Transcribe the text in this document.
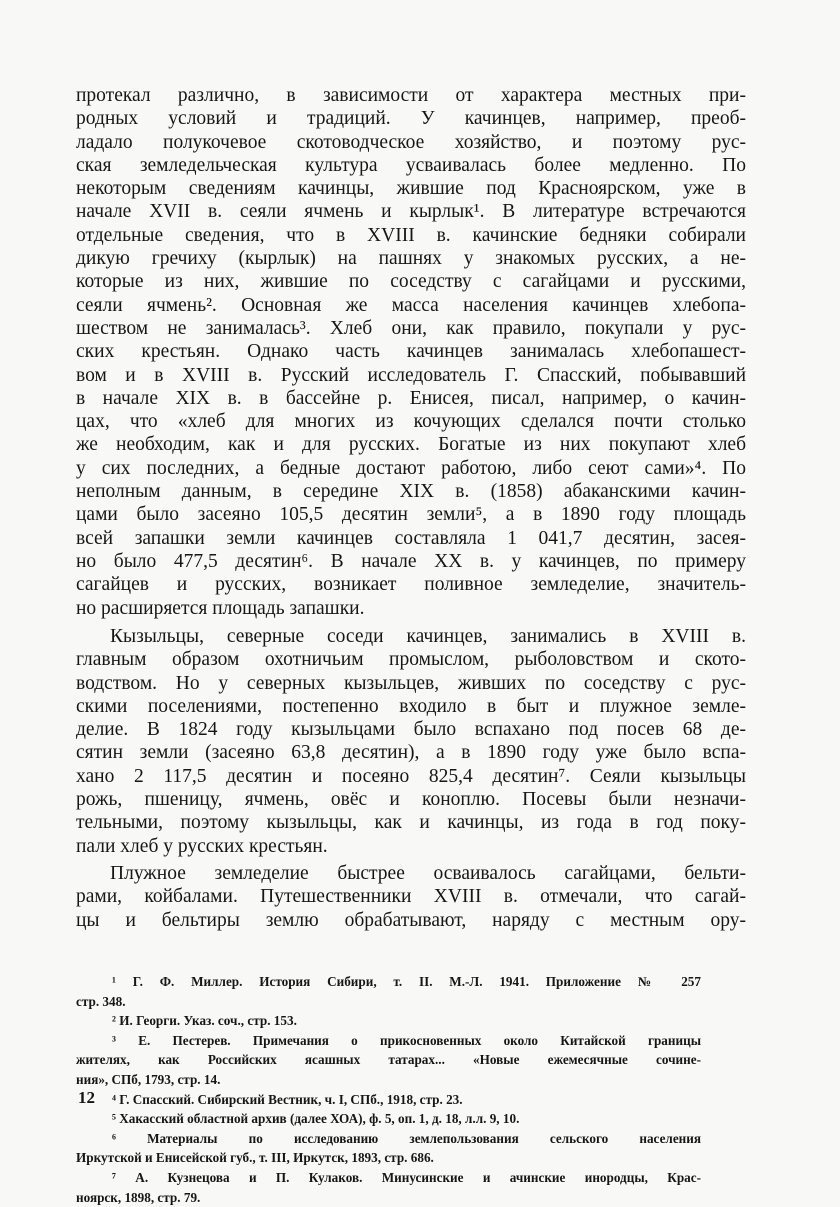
протекал различно, в зависимости от характера местных при-
родных условий и традиций. У качинцев, например, преоб-
ладало полукочевое скотоводческое хозяйство, и поэтому рус-
ская земледельческая культура усваивалась более медленно. По
некоторым сведениям качинцы, жившие под Красноярском, уже в
начале XVII в. сеяли ячмень и кырлык¹. В литературе встречаются
отдельные сведения, что в XVIII в. качинские бедняки собирали
дикую гречиху (кырлык) на пашнях у знакомых русских, а не-
которые из них, жившие по соседству с сагайцами и русскими,
сеяли ячмень². Основная же масса населения качинцев хлебопа-
шеством не занималась³. Хлеб они, как правило, покупали у рус-
ских крестьян. Однако часть качинцев занималась хлебопашест-
вом и в XVIII в. Русский исследователь Г. Спасский, побывавший
в начале XIX в. в бассейне р. Енисея, писал, например, о качин-
цах, что «хлеб для многих из кочующих сделался почти столько
же необходим, как и для русских. Богатые из них покупают хлеб
у сих последних, а бедные достают работою, либо сеют сами»⁴. По
неполным данным, в середине XIX в. (1858) абаканскими качин-
цами было засеяно 105,5 десятин земли⁵, а в 1890 году площадь
всей запашки земли качинцев составляла 1 041,7 десятин, засея-
но было 477,5 десятин⁶. В начале XX в. у качинцев, по примеру
сагайцев и русских, возникает поливное земледелие, значитель-
но расширяется площадь запашки.
Кызыльцы, северные соседи качинцев, занимались в XVIII в.
главным образом охотничьим промыслом, рыболовством и ското-
водством. Но у северных кызыльцев, живших по соседству с рус-
скими поселениями, постепенно входило в быт и плужное земле-
делие. В 1824 году кызыльцами было вспахано под посев 68 де-
сятин земли (засеяно 63,8 десятин), а в 1890 году уже было вспа-
хано 2 117,5 десятин и посеяно 825,4 десятин⁷. Сеяли кызыльцы
рожь, пшеницу, ячмень, овёс и коноплю. Посевы были незначи-
тельными, поэтому кызыльцы, как и качинцы, из года в год поку-
пали хлеб у русских крестьян.
Плужное земледелие быстрее осваивалось сагайцами, бельти-
рами, койбалами. Путешественники XVIII в. отмечали, что сагай-
цы и бельтиры землю обрабатывают, наряду с местным ору-
¹ Г. Ф. Миллер. История Сибири, т. II. М.-Л. 1941. Приложение № 257
стр. 348.
² И. Георги. Указ. соч., стр. 153.
³ Е. Пестерев. Примечания о прикосновенных около Китайской границы
жителях, как Российских ясашных татарах... «Новые ежемесячные сочине-
ния», СПб, 1793, стр. 14.
⁴ Г. Спасский. Сибирский Вестник, ч. I, СПб., 1918, стр. 23.
⁵ Хакасский областной архив (далее ХОА), ф. 5, оп. 1, д. 18, л.л. 9, 10.
⁶ Материалы по исследованию землепользования сельского населения
Иркутской и Енисейской губ., т. III, Иркутск, 1893, стр. 686.
⁷ А. Кузнецова и П. Кулаков. Минусинские и ачинские инородцы, Крас-
ноярск, 1898, стр. 79.
12
